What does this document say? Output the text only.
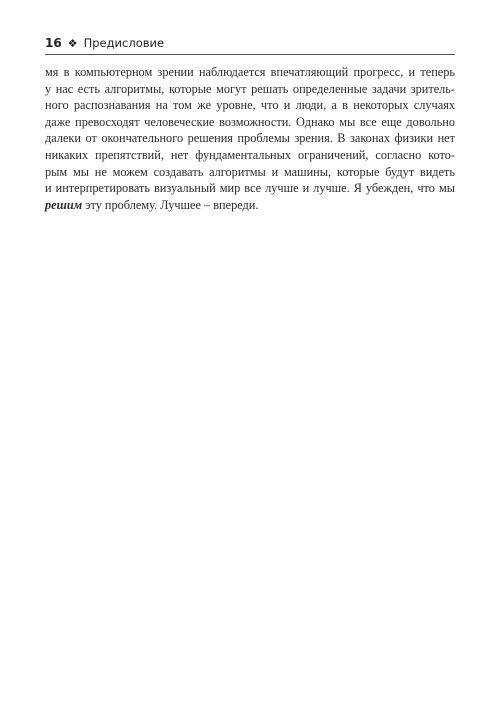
16 ❖ Предисловие
мя в компьютерном зрении наблюдается впечатляющий прогресс, и теперь
у нас есть алгоритмы, которые могут решать определенные задачи зритель-
ного распознавания на том же уровне, что и люди, а в некоторых случаях
даже превосходят человеческие возможности. Однако мы все еще довольно
далеки от окончательного решения проблемы зрения. В законах физики нет
никаких препятствий, нет фундаментальных ограничений, согласно кото-
рым мы не можем создавать алгоритмы и машины, которые будут видеть
и интерпретировать визуальный мир все лучше и лучше. Я убежден, что мы
решим эту проблему. Лучшее – впереди.
